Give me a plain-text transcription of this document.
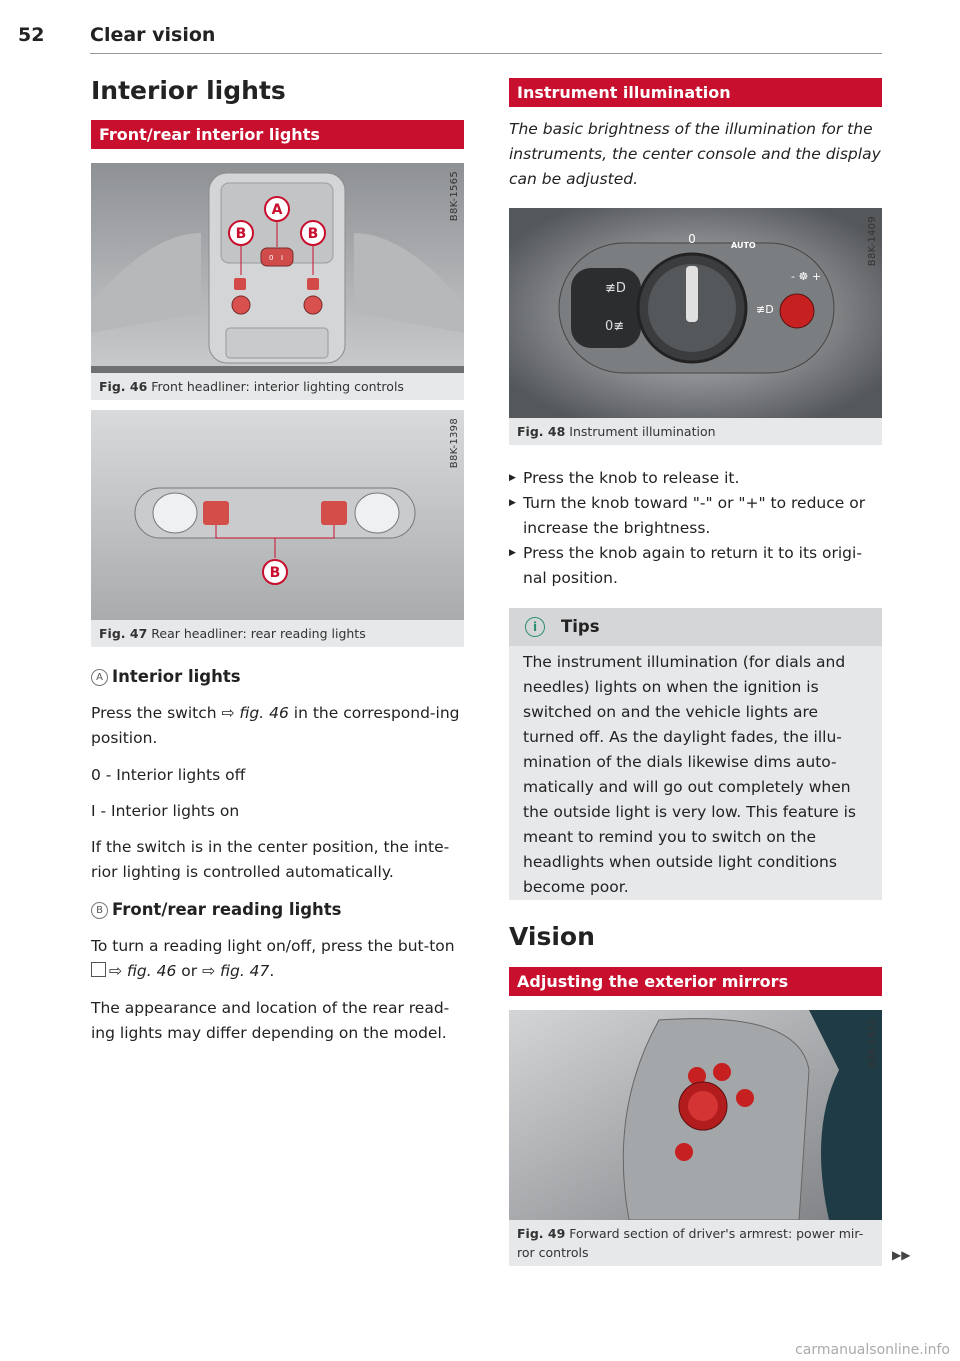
52 Clear vision
Interior lights
Front/rear interior lights
0 I
A
B	B
B8K-1565
Fig. 46 Front headliner: interior lighting controls
B
B8K-1398
Fig. 47 Rear headliner: rear reading lights
A Interior lights

Press the switch ⇨ fig. 46 in the correspond-ing position.

0 - Interior lights off

I - Interior lights on

If the switch is in the center position, the inte-rior lighting is controlled automatically.

B Front/rear reading lights

To turn a reading light on/off, press the but-ton ⇨ fig. 46 or ⇨ fig. 47.

The appearance and location of the rear read-ing lights may differ depending on the model.

Instrument illumination

The basic brightness of the illumination for the instruments, the center console and the display can be adjusted.

≢D
0≢
0	AUTO
- ☸ +
≢D
B8K-1409
Fig. 48 Instrument illumination
▶ Press the knob to release it.
▶ Turn the knob toward "-" or "+" to reduce or increase the brightness.
▶ Press the knob again to return it to its origi-nal position.
i	Tips

The instrument illumination (for dials and needles) lights on when the ignition is switched on and the vehicle lights are turned off. As the daylight fades, the illu-mination of the dials likewise dims auto-matically and will go out completely when the outside light is very low. This feature is meant to remind you to switch on the headlights when outside light conditions become poor.

Vision
Adjusting the exterior mirrors
B8K-1631
Fig. 49 Forward section of driver's armrest: power mir-ror controls	▶▶
carmanualsonline.info
